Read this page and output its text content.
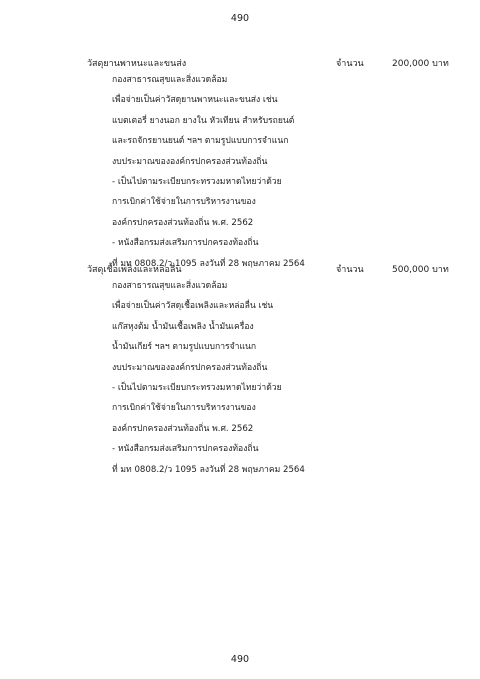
490
วัสดุยานพาหนะและขนส่ง	จำนวน	200,000 บาท
กองสาธารณสุขและสิ่งแวดล้อม
เพื่อจ่ายเป็นค่าวัสดุยานพาหนะและขนส่ง เช่น
แบตเตอรี่ ยางนอก ยางใน หัวเทียน สำหรับรถยนต์
และรถจักรยานยนต์ ฯลฯ ตามรูปแบบการจำแนก
งบประมาณขององค์กรปกครองส่วนท้องถิ่น
- เป็นไปตามระเบียบกระทรวงมหาดไทยว่าด้วย
การเบิกค่าใช้จ่ายในการบริหารงานของ
องค์กรปกครองส่วนท้องถิ่น พ.ศ. 2562
- หนังสือกรมส่งเสริมการปกครองท้องถิ่น
ที่ มท 0808.2/ว 1095 ลงวันที่ 28 พฤษภาคม 2564
วัสดุเชื้อเพลิงและหล่อลื่น	จำนวน	500,000 บาท
กองสาธารณสุขและสิ่งแวดล้อม
เพื่อจ่ายเป็นค่าวัสดุเชื้อเพลิงและหล่อลื่น เช่น
แก๊สหุงต้ม น้ำมันเชื้อเพลิง น้ำมันเครื่อง
น้ำมันเกียร์ ฯลฯ ตามรูปแบบการจำแนก
งบประมาณขององค์กรปกครองส่วนท้องถิ่น
- เป็นไปตามระเบียบกระทรวงมหาดไทยว่าด้วย
การเบิกค่าใช้จ่ายในการบริหารงานของ
องค์กรปกครองส่วนท้องถิ่น พ.ศ. 2562
- หนังสือกรมส่งเสริมการปกครองท้องถิ่น
ที่ มท 0808.2/ว 1095 ลงวันที่ 28 พฤษภาคม 2564
490
